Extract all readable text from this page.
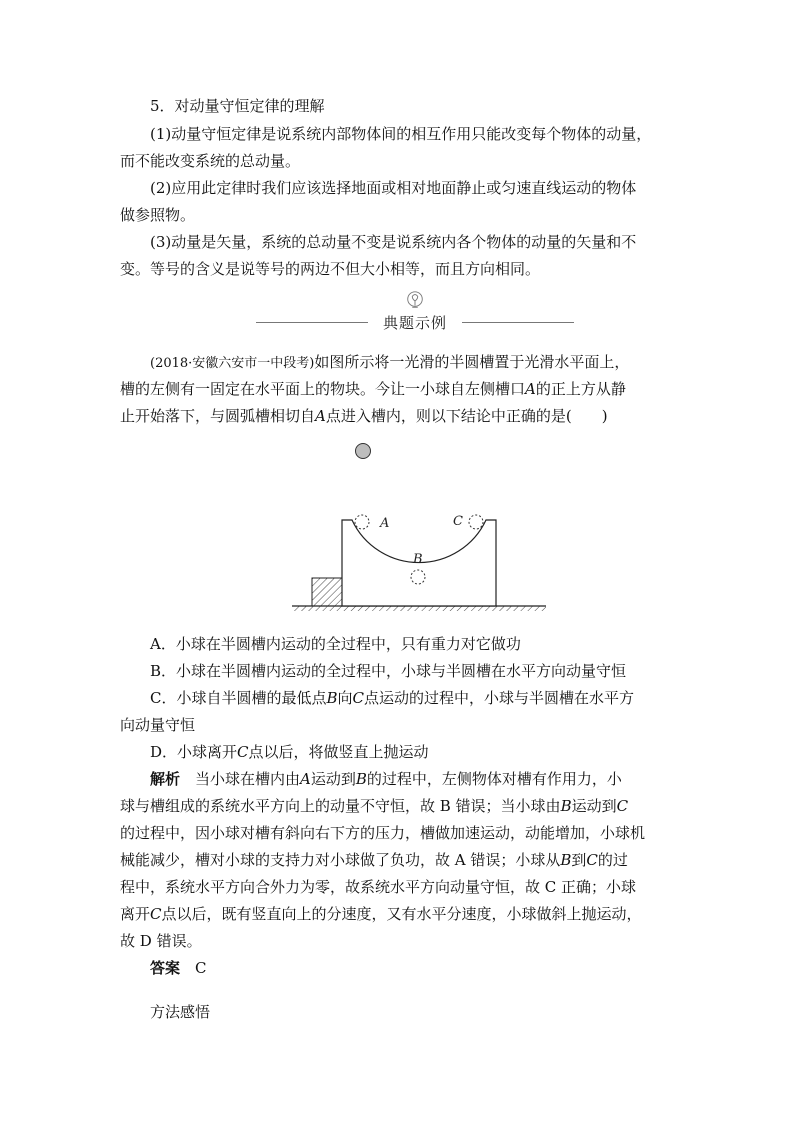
5．对动量守恒定律的理解
(1)动量守恒定律是说系统内部物体间的相互作用只能改变每个物体的动量，
而不能改变系统的总动量。
(2)应用此定律时我们应该选择地面或相对地面静止或匀速直线运动的物体
做参照物。
(3)动量是矢量，系统的总动量不变是说系统内各个物体的动量的矢量和不
变。等号的含义是说等号的两边不但大小相等，而且方向相同。
典题示例
(2018·安徽六安市一中段考)如图所示将一光滑的半圆槽置于光滑水平面上，
槽的左侧有一固定在水平面上的物块。今让一小球自左侧槽口A的正上方从静
止开始落下，与圆弧槽相切自A点进入槽内，则以下结论中正确的是(　　)
A
B
C
A．小球在半圆槽内运动的全过程中，只有重力对它做功
B．小球在半圆槽内运动的全过程中，小球与半圆槽在水平方向动量守恒
C．小球自半圆槽的最低点B向C点运动的过程中，小球与半圆槽在水平方
向动量守恒
D．小球离开C点以后，将做竖直上抛运动
解析　当小球在槽内由A运动到B的过程中，左侧物体对槽有作用力，小
球与槽组成的系统水平方向上的动量不守恒，故 B 错误；当小球由B运动到C
的过程中，因小球对槽有斜向右下方的压力，槽做加速运动，动能增加，小球机
械能减少，槽对小球的支持力对小球做了负功，故 A 错误；小球从B到C的过
程中，系统水平方向合外力为零，故系统水平方向动量守恒，故 C 正确；小球
离开C点以后，既有竖直向上的分速度，又有水平分速度，小球做斜上抛运动，
故 D 错误。
答案　 C
方法感悟
